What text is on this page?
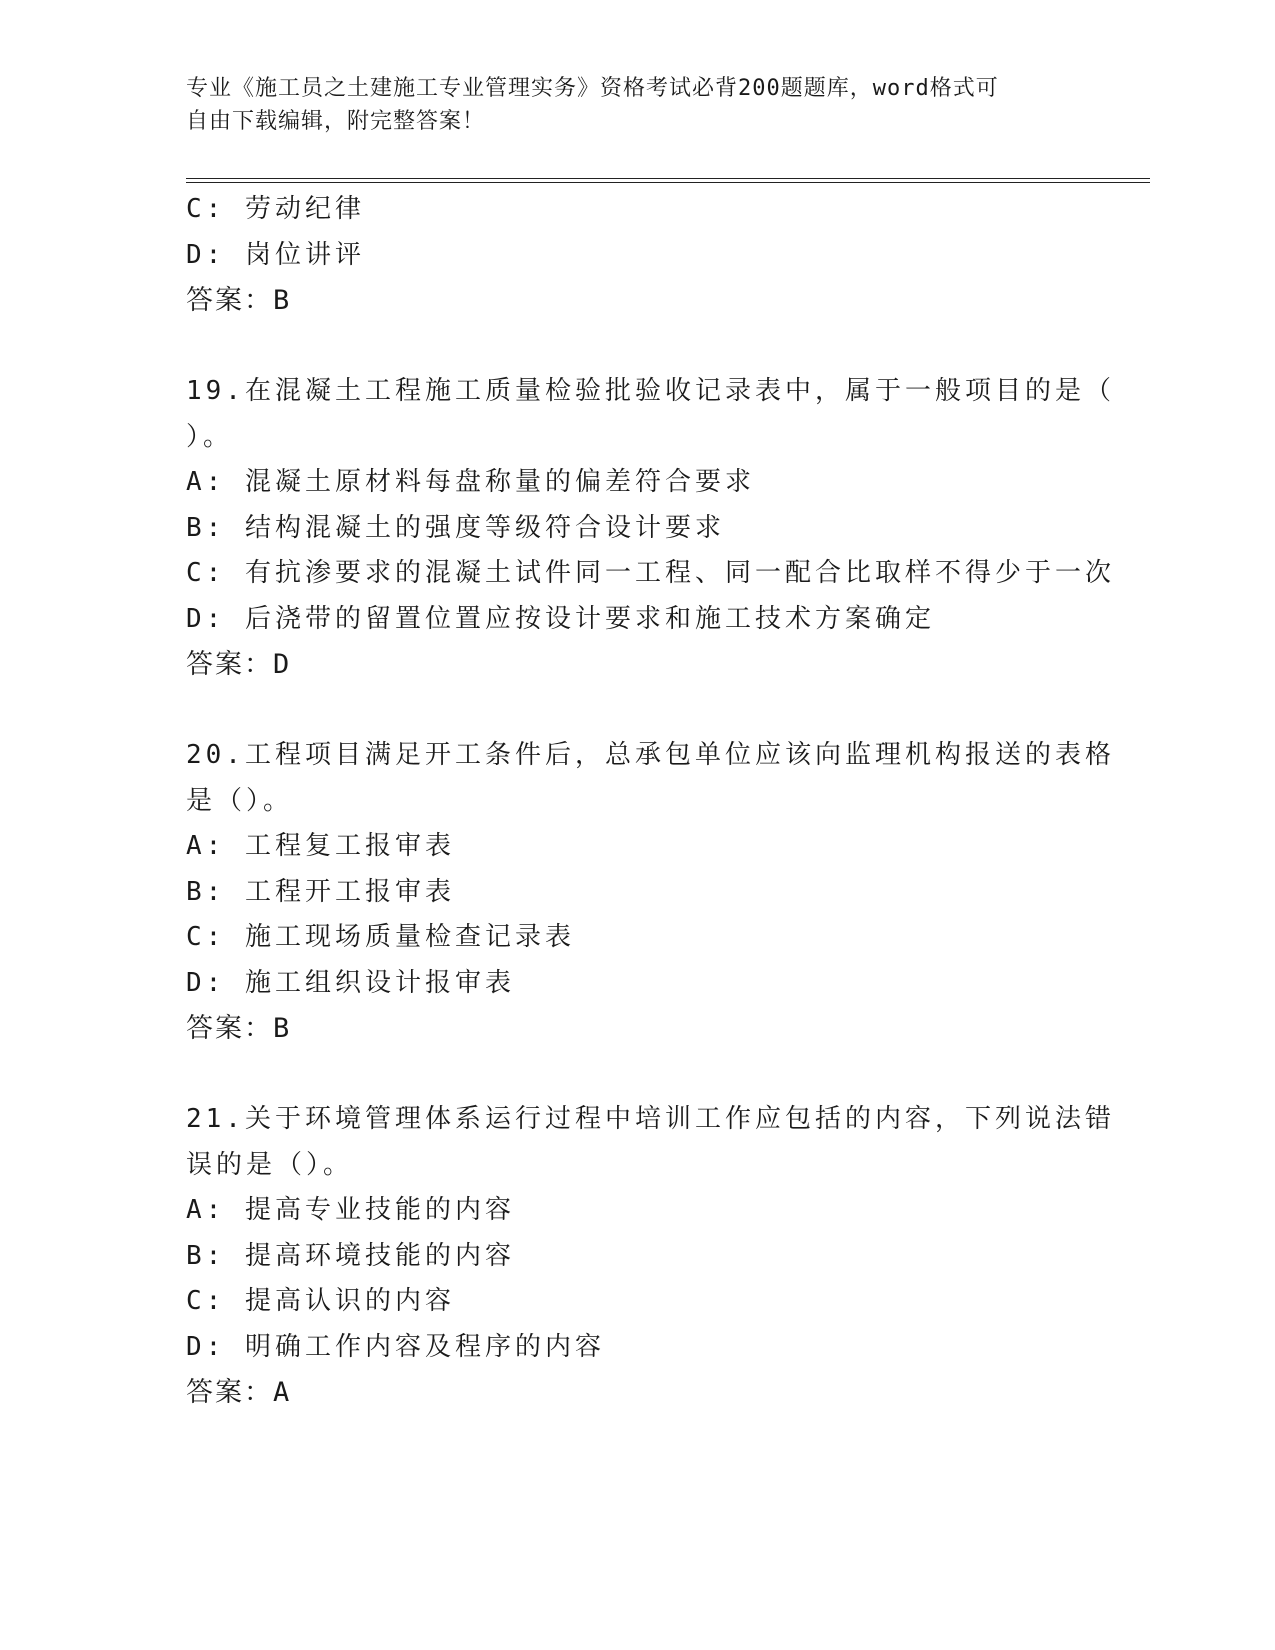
专业《施工员之土建施工专业管理实务》资格考试必背200题题库，word格式可
自由下载编辑，附完整答案！
C: 劳动纪律
D: 岗位讲评
答案：B
19.在混凝土工程施工质量检验批验收记录表中，属于一般项目的是（
）。
A: 混凝土原材料每盘称量的偏差符合要求
B: 结构混凝土的强度等级符合设计要求
C: 有抗渗要求的混凝土试件同一工程、同一配合比取样不得少于一次
D: 后浇带的留置位置应按设计要求和施工技术方案确定
答案：D
20.工程项目满足开工条件后，总承包单位应该向监理机构报送的表格
是（）。
A: 工程复工报审表
B: 工程开工报审表
C: 施工现场质量检查记录表
D: 施工组织设计报审表
答案：B
21.关于环境管理体系运行过程中培训工作应包括的内容，下列说法错
误的是（）。
A: 提高专业技能的内容
B: 提高环境技能的内容
C: 提高认识的内容
D: 明确工作内容及程序的内容
答案：A
